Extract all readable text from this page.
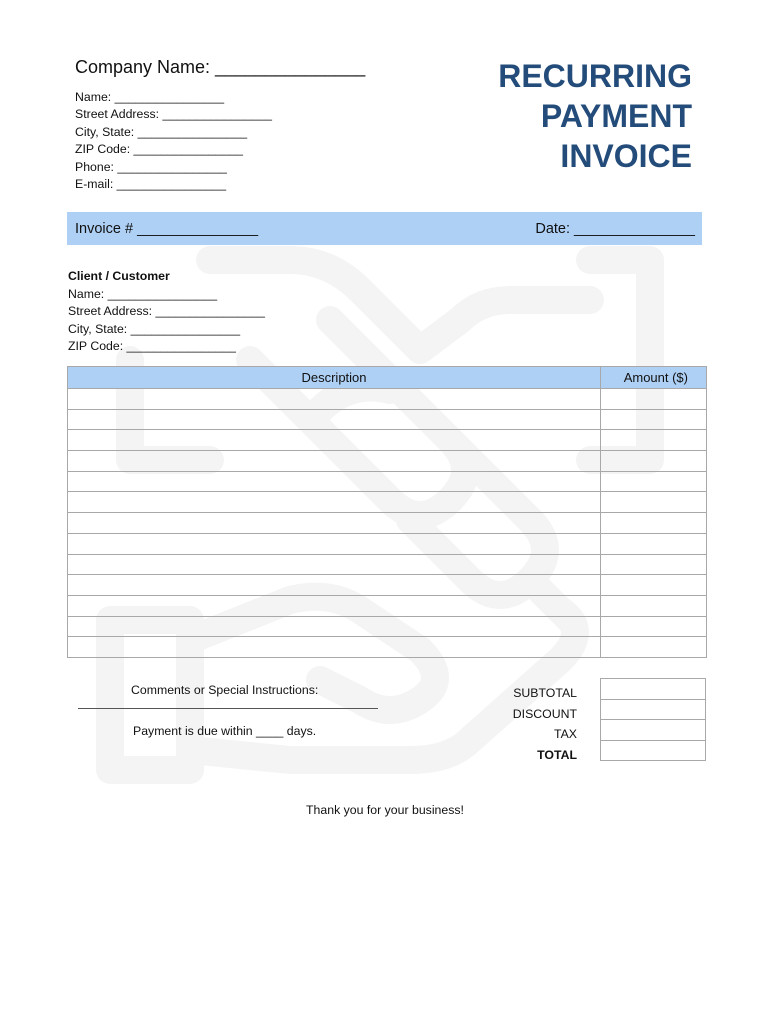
Company Name: _______________
Name: ________________
Street Address: ________________
City, State: ________________
ZIP Code: ________________
Phone: ________________
E-mail: ________________
RECURRING
PAYMENT
INVOICE
Invoice # _______________	Date: _______________
Client / Customer
Name: ________________
Street Address: ________________
City, State: ________________
ZIP Code: ________________
Description	Amount ($)

Comments or Special Instructions:
Payment is due within ____ days.
SUBTOTAL
DISCOUNT
TAX
TOTAL

Thank you for your business!
